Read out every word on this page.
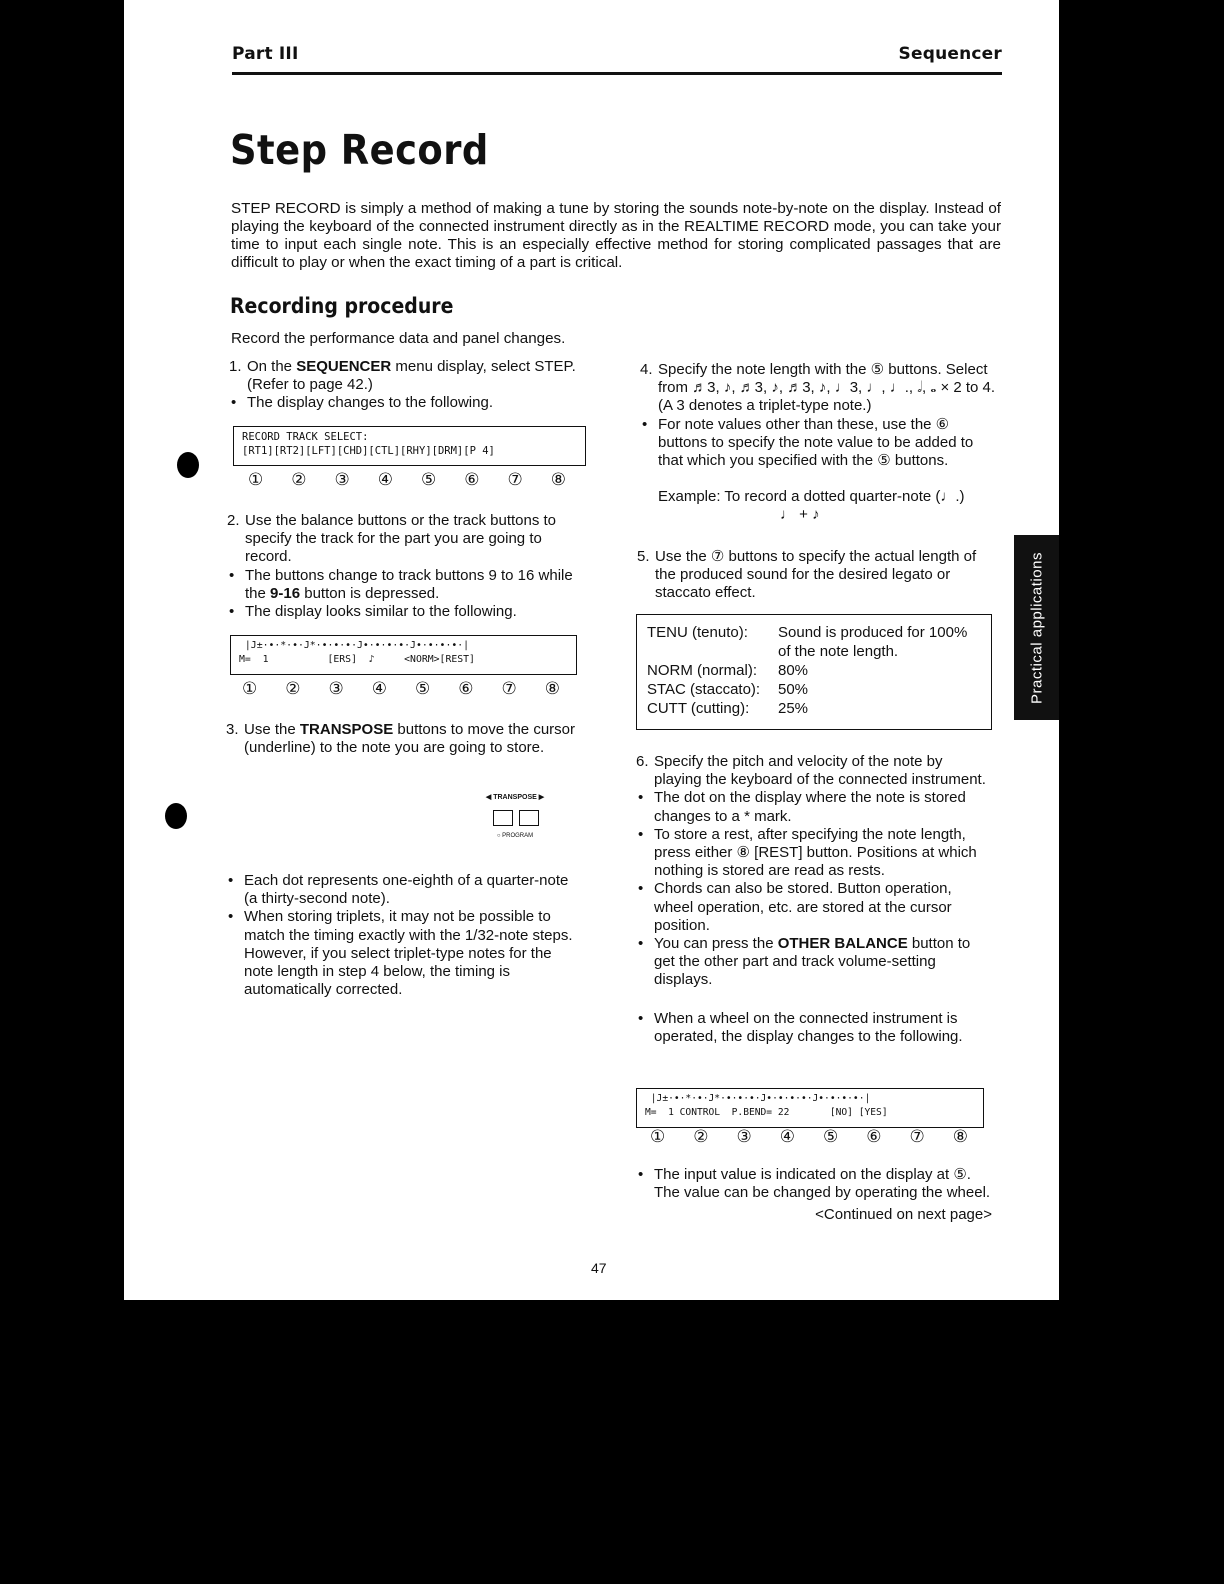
Part III	Sequencer
Step Record
STEP RECORD is simply a method of making a tune by storing the sounds note-by-note on the display. Instead of playing the keyboard of the connected instrument directly as in the REALTIME RECORD mode, you can take your time to input each single note. This is an especially effective method for storing complicated passages that are difficult to play or when the exact timing of a part is critical.
Recording procedure
Record the performance data and panel changes.

1. On the SEQUENCER menu display, select STEP. (Refer to page 42.)

• The display changes to the following.

RECORD TRACK SELECT:
[RT1][RT2][LFT][CHD][CTL][RHY][DRM][P 4]
① ② ③ ④ ⑤ ⑥ ⑦ ⑧

2. Use the balance buttons or the track buttons to specify the track for the part you are going to record.

• The buttons change to track buttons 9 to 16 while the 9-16 button is depressed.

• The display looks similar to the following.

|J±·•·*·•·J*·•·•·•·J•·•·•·•·J•·•·•·•·|
M=  1          [ERS]  ♪     <NORM>[REST]
① ② ③ ④ ⑤ ⑥ ⑦ ⑧

3. Use the TRANSPOSE buttons to move the cursor (underline) to the note you are going to store.

◀ TRANSPOSE ▶
○ PROGRAM

• Each dot represents one-eighth of a quarter-note (a thirty-second note).

• When storing triplets, it may not be possible to match the timing exactly with the 1/32-note steps. However, if you select triplet-type notes for the note length in step 4 below, the timing is automatically corrected.

4. Specify the note length with the ⑤ buttons. Select from ♬3, ♪, ♬3, ♪, ♬3, ♪, ♩3, ♩, ♩., 𝅗𝅥, 𝅝 × 2 to 4. (A 3 denotes a triplet-type note.)

• For note values other than these, use the ⑥ buttons to specify the note value to be added to that which you specified with the ⑤ buttons.

Example: To record a dotted quarter-note (♩.)

♩ + ♪

5. Use the ⑦ buttons to specify the actual length of the produced sound for the desired legato or staccato effect.

TENU (tenuto):	Sound is produced for 100% of the note length.
NORM (normal):	80%
STAC (staccato):	50%
CUTT (cutting):	25%

6. Specify the pitch and velocity of the note by playing the keyboard of the connected instrument.

• The dot on the display where the note is stored changes to a * mark.

• To store a rest, after specifying the note length, press either ⑧ [REST] button. Positions at which nothing is stored are read as rests.

• Chords can also be stored. Button operation, wheel operation, etc. are stored at the cursor position.

• You can press the OTHER BALANCE button to get the other part and track volume-setting displays.

• When a wheel on the connected instrument is operated, the display changes to the following.

|J±·•·*·•·J*·•·•·•·J•·•·•·•·J•·•·•·•·|
M=  1 CONTROL  P.BEND= 22       [NO] [YES]
① ② ③ ④ ⑤ ⑥ ⑦ ⑧

• The input value is indicated on the display at ⑤. The value can be changed by operating the wheel.

<Continued on next page>

47
Practical applications
